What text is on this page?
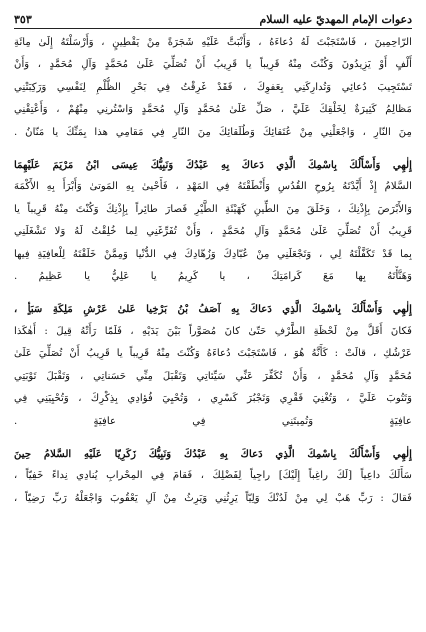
دعوات الإمام المهديّ عليه السلام
٣٥٣
الرّاحِمِينَ ، فَاسْتَجَبْتَ لَهُ دُعاءَهُ ، وَأَنْبَتَّ عَلَيْهِ شَجَرَةً مِنْ يَقْطِينٍ ، وَأَرْسَلْتَهُ إِلَىٰ مِائَةِ
أَلْفٍ أَوْ يَزِيدُونَ وَكُنْتَ مِنْهُ قَرِيباً يا قَرِيبُ أَنْ تُصَلِّيَ عَلَىٰ مُحَمَّدٍ وَآلِ مُحَمَّدٍ ، وَأَنْ
تَسْتَجِيبَ دُعائِي وَتُدارِكَنِي بِعَفوِكَ ، فَقَدْ غَرِقْتُ فِي بَحْرِ الظُّلْمِ لِنَفْسِي وَرَكِبَتْنِي
مَظالِمُ كَثِيرَةٌ لِخَلْقِكَ عَلَيَّ ، صَلِّ عَلَىٰ مُحَمَّدٍ وَآلِ مُحَمَّدٍ وَاسْتُرنِي مِنْهُمْ ، وَأَعْتِقْنِي
مِنَ النّارِ ، وَاجْعَلْنِي مِنْ عُتَقائِكَ وَطُلَقائِكَ مِنَ النّارِ فِي مَقامِي هذا بِمَنِّكَ يا مَنّانُ .
إِلٰهِي وَأَسْأَلُكَ بِاسْمِكَ الَّذِي دَعاكَ بِهِ عَبْدُكَ وَنَبِيُّكَ عِيسَى ابْنُ مَرْيَمَ عَلَيْهِمَا
السَّلامُ إِذْ أَيَّدْتَهُ بِرُوحِ القُدُسِ وَأَنْطَقْتَهُ فِي المَهْدِ ، فَأَحْيىٰ بِهِ المَوتىٰ وَأَبْرَأَ بِهِ الأَكْمَهَ
وَالأَبْرَصَ بِإِذْنِكَ ، وَخَلَقَ مِنَ الطِّينِ كَهَيْئَةِ الطَّيْرِ فَصارَ طائِراً بِإِذْنِكَ وَكُنْتَ مِنْهُ قَرِيباً يا
قَرِيبُ أَنْ تُصَلِّيَ عَلَىٰ مُحَمَّدٍ وَآلِ مُحَمَّدٍ ، وَأَنْ تُفَرِّغَنِي لِما خُلِقْتُ لَهُ وَلا تَشْغَلَنِي
بِما قَدْ تَكَفَّلْتَهُ لِي ، وَتَجْعَلَنِي مِنْ عُبّادِكَ وَزُهّادِكَ فِي الدُّنْيا وَمِمَّنْ خَلَقْتَهُ لِلْعافِيَةِ فِيها
وَهَنَّأْتَهُ بِها مَعَ كَرامَتِكَ ، يا كَرِيمُ يا عَلِيُّ يا عَظِيمُ .
إِلٰهِي وَأَسْأَلُكَ بِاسْمِكَ الَّذِي دَعاكَ بِهِ آصَفُ بْنُ بَرْخِيا عَلىٰ عَرْشِ مَلِكَةِ سَبَأٍ ،
فَكانَ أَقَلَّ مِنْ لَحْظَةِ الطَّرْفِ حَتّىٰ كانَ مُصَوَّراً بَيْنَ يَدَيْهِ ، فَلَمّا رَأَتْهُ قِيلَ : أَهٰكَذا
عَرْشُكِ ، قالَتْ : كَأَنَّهُ هُوَ ، فَاسْتَجَبْتَ دُعاءَهُ وَكُنْتَ مِنْهُ قَرِيباً يا قَرِيبُ أَنْ تُصَلِّيَ عَلَىٰ
مُحَمَّدٍ وَآلِ مُحَمَّدٍ ، وَأَنْ تُكَفِّرَ عَنِّي سَيِّئاتِي وَتَقْبَلَ مِنِّي حَسَناتِي ، وَتَقْبَلَ تَوْبَتِي
وَتَتُوبَ عَلَيَّ ، وَتُغْنِيَ فَقْرِي وَتَجْبُرَ كَسْرِي ، وَتُحْيِيَ فُؤادِي بِذِكْرِكَ ، وَتُحْيِيَنِي فِي
عافِيَةٍ وَتُمِيتَنِي فِي عافِيَةٍ .
إِلٰهِي وَأَسْأَلُكَ بِاسْمِكَ الَّذِي دَعاكَ بِهِ عَبْدُكَ وَنَبِيُّكَ زَكَرِيّا عَلَيْهِ السَّلامُ حِينَ
سَأَلَكَ داعِياً [لَكَ راغِباً إِلَيْكَ] راجِياً لِفَضْلِكَ ، فَقامَ فِي المِحْرابِ يُنادِي نِداءً خَفِيّاً ،
فَقالَ : رَبِّ هَبْ لِي مِنْ لَدُنْكَ وَلِيّاً يَرِثُنِي وَيَرِثُ مِنْ آلِ يَعْقُوبَ وَاجْعَلْهُ رَبِّ رَضِيّاً ،
